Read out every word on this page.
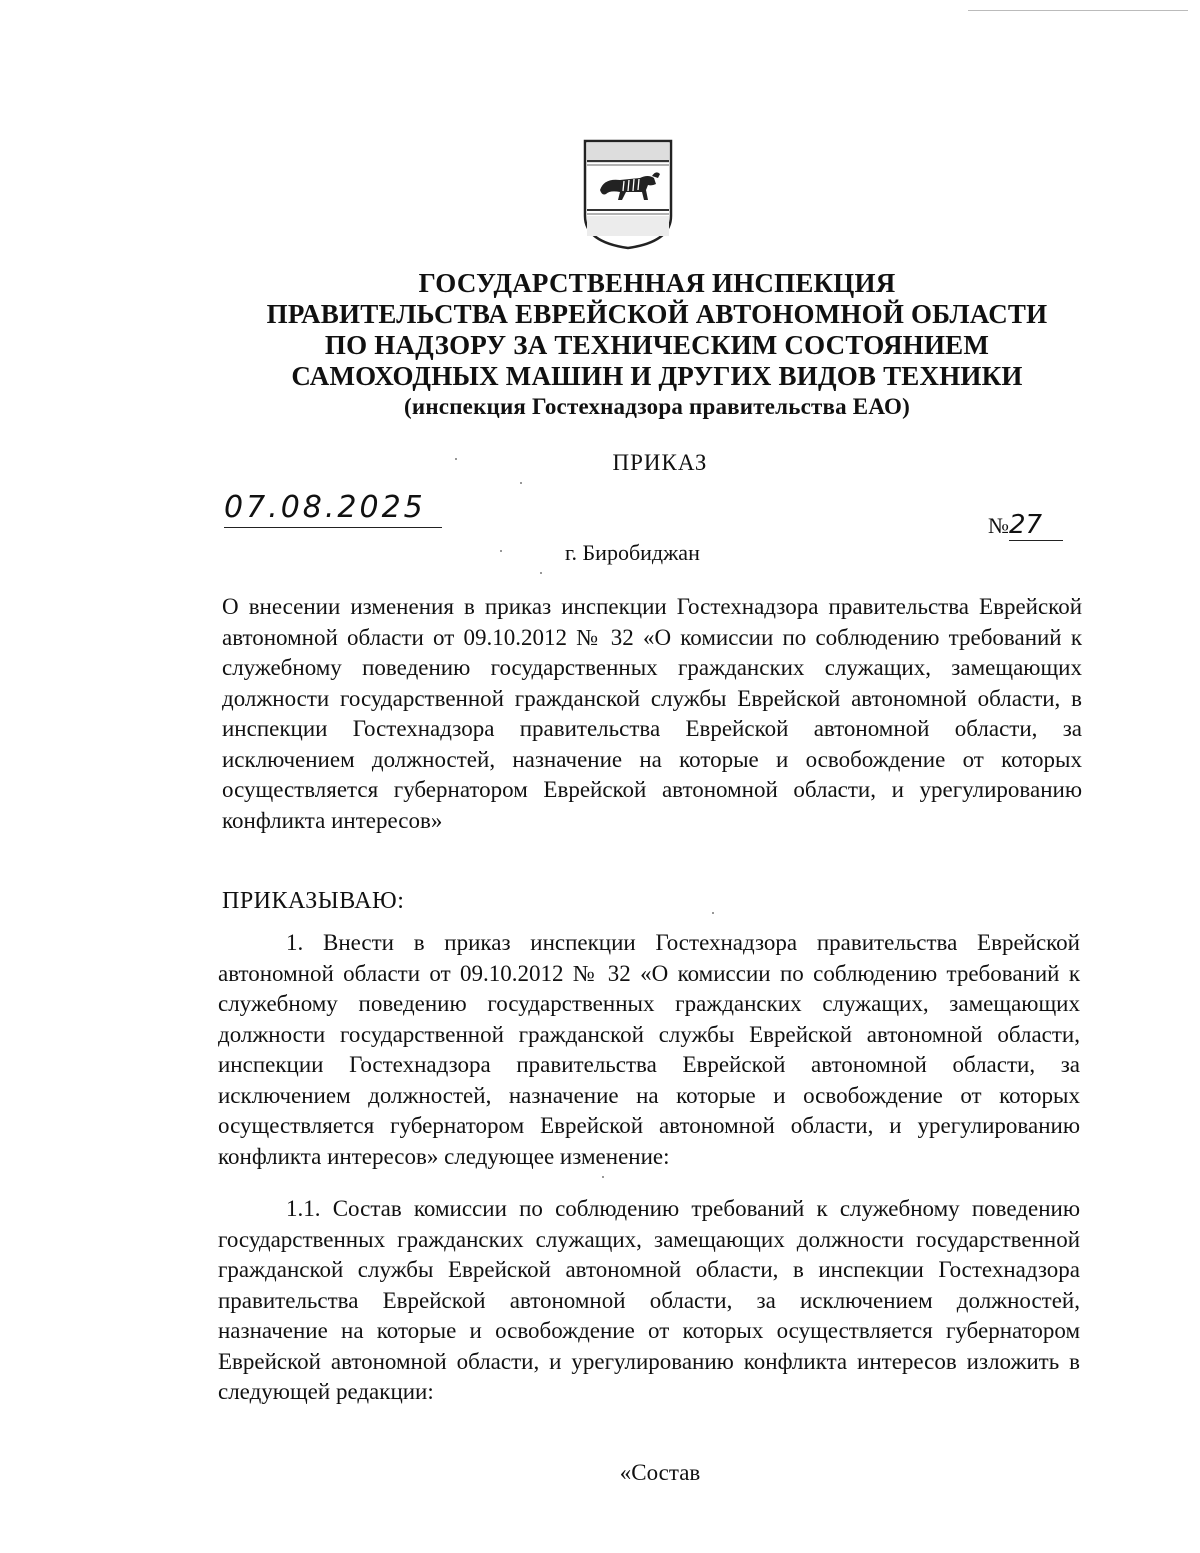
ГОСУДАРСТВЕННАЯ ИНСПЕКЦИЯ
ПРАВИТЕЛЬСТВА ЕВРЕЙСКОЙ АВТОНОМНОЙ ОБЛАСТИ
ПО НАДЗОРУ ЗА ТЕХНИЧЕСКИМ СОСТОЯНИЕМ
САМОХОДНЫХ МАШИН И ДРУГИХ ВИДОВ ТЕХНИКИ
(инспекция Гостехнадзора правительства ЕАО)
ПРИКАЗ
07.08.2025
№27
г. Биробиджан
О внесении изменения в приказ инспекции Гостехнадзора правительства Еврейской автономной области от 09.10.2012 № 32 «О комиссии по соблюдению требований к служебному поведению государственных гражданских служащих, замещающих должности государственной гражданской службы Еврейской автономной области, в инспекции Гостехнадзора правительства Еврейской автономной области, за исключением должностей, назначение на которые и освобождение от которых осуществляется губернатором Еврейской автономной области, и урегулированию конфликта интересов»
ПРИКАЗЫВАЮ:
1. Внести в приказ инспекции Гостехнадзора правительства Еврейской автономной области от 09.10.2012 № 32 «О комиссии по соблюдению требований к служебному поведению государственных гражданских служащих, замещающих должности государственной гражданской службы Еврейской автономной области, инспекции Гостехнадзора правительства Еврейской автономной области, за исключением должностей, назначение на которые и освобождение от которых осуществляется губернатором Еврейской автономной области, и урегулированию конфликта интересов» следующее изменение:
1.1. Состав комиссии по соблюдению требований к служебному поведению государственных гражданских служащих, замещающих должности государственной гражданской службы Еврейской автономной области, в инспекции Гостехнадзора правительства Еврейской автономной области, за исключением должностей, назначение на которые и освобождение от которых осуществляется губернатором Еврейской автономной области, и урегулированию конфликта интересов изложить в следующей редакции:
«Состав
